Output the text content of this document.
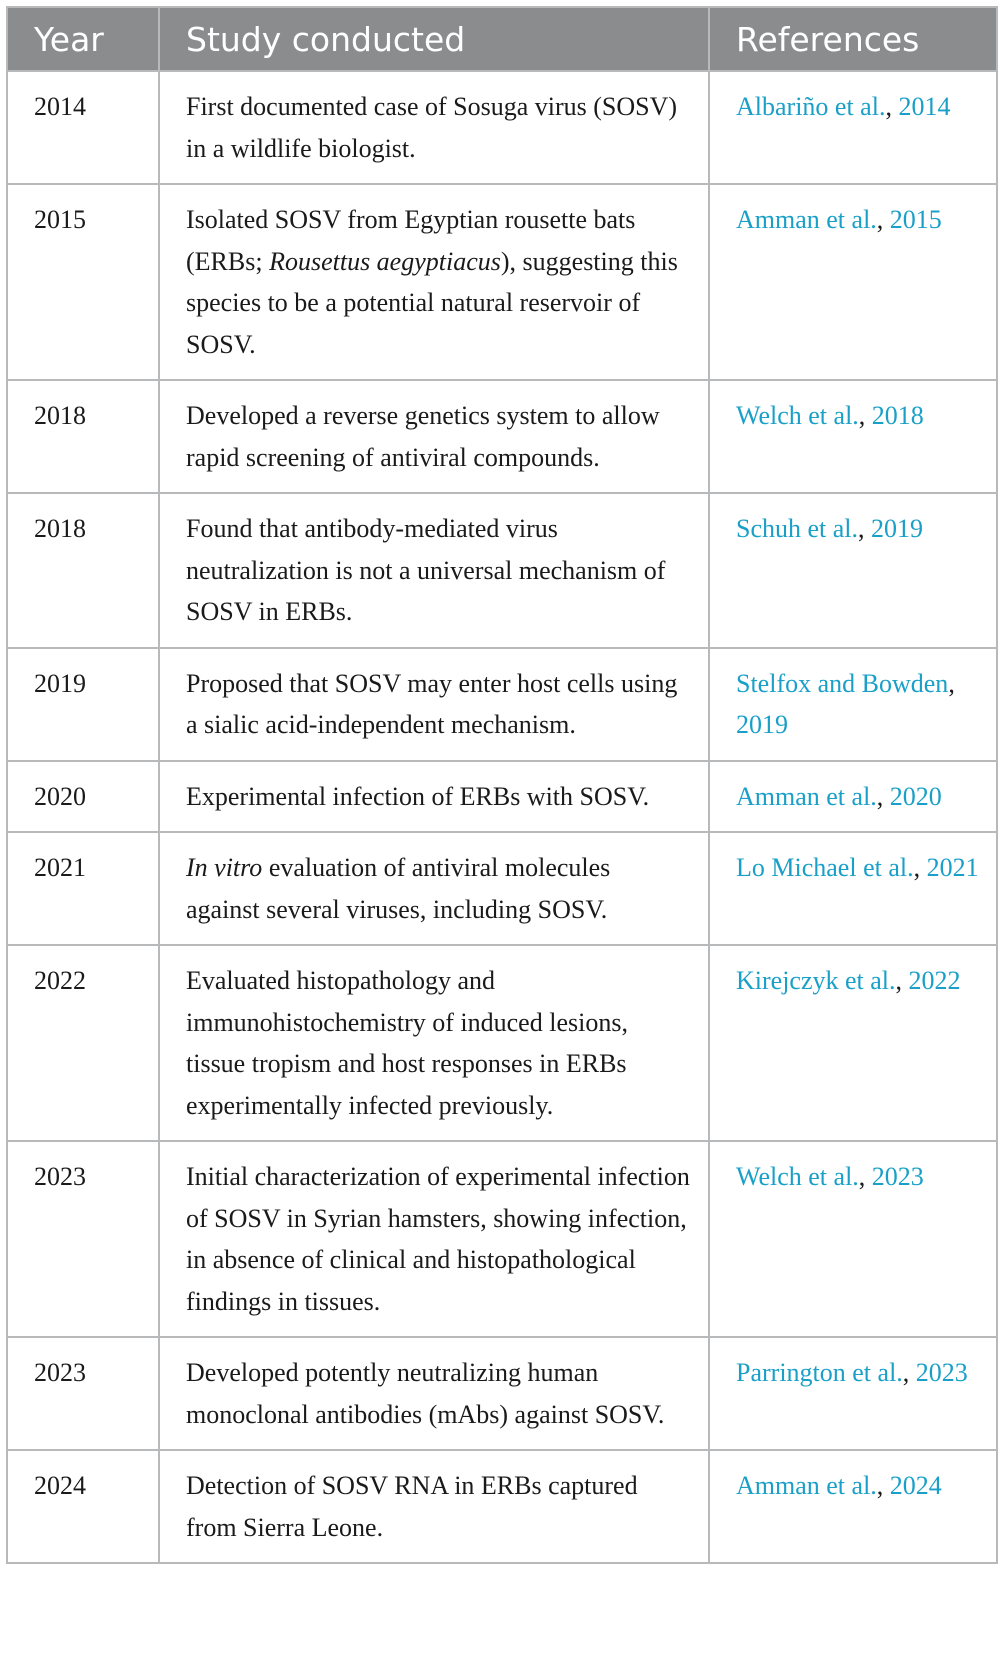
Year	Study conducted	References
2014	First documented case of Sosuga virus (SOSV) in a wildlife biologist.	Albariño et al., 2014
2015	Isolated SOSV from Egyptian rousette bats (ERBs; Rousettus aegyptiacus), suggesting this species to be a potential natural reservoir of SOSV.	Amman et al., 2015
2018	Developed a reverse genetics system to allow rapid screening of antiviral compounds.	Welch et al., 2018
2018	Found that antibody-mediated virus neutralization is not a universal mechanism of SOSV in ERBs.	Schuh et al., 2019
2019	Proposed that SOSV may enter host cells using a sialic acid-independent mechanism.	Stelfox and Bowden, 2019
2020	Experimental infection of ERBs with SOSV.	Amman et al., 2020
2021	In vitro evaluation of antiviral molecules against several viruses, including SOSV.	Lo Michael et al., 2021
2022	Evaluated histopathology and immunohistochemistry of induced lesions, tissue tropism and host responses in ERBs experimentally infected previously.	Kirejczyk et al., 2022
2023	Initial characterization of experimental infection of SOSV in Syrian hamsters, showing infection, in absence of clinical and histopathological findings in tissues.	Welch et al., 2023
2023	Developed potently neutralizing human monoclonal antibodies (mAbs) against SOSV.	Parrington et al., 2023
2024	Detection of SOSV RNA in ERBs captured from Sierra Leone.	Amman et al., 2024
